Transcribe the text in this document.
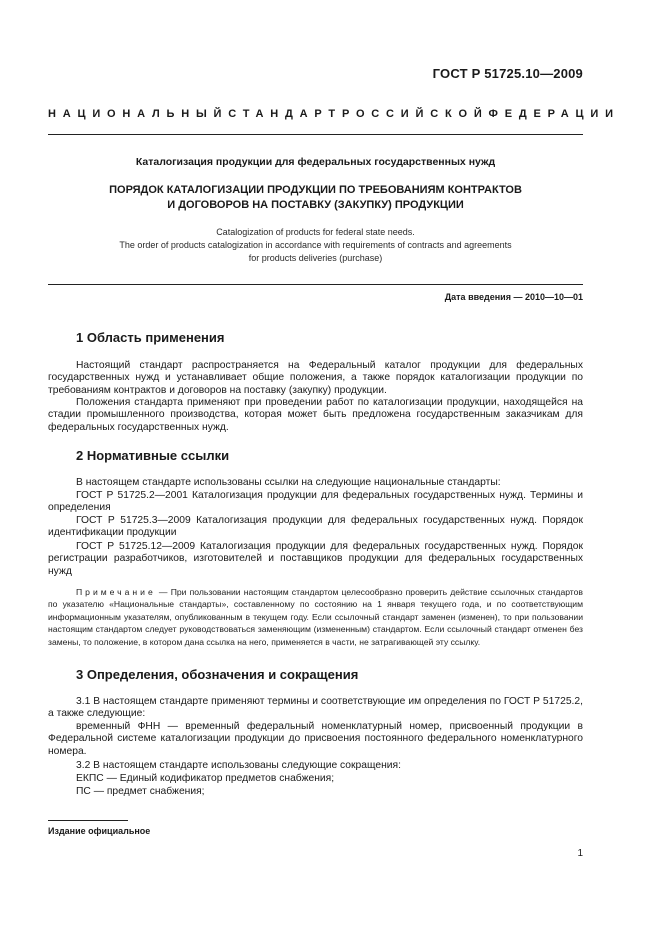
ГОСТ Р 51725.10—2009
НАЦИОНАЛЬНЫЙ СТАНДАРТ РОССИЙСКОЙ ФЕДЕРАЦИИ
Каталогизация продукции для федеральных государственных нужд
ПОРЯДОК КАТАЛОГИЗАЦИИ ПРОДУКЦИИ ПО ТРЕБОВАНИЯМ КОНТРАКТОВ
И ДОГОВОРОВ НА ПОСТАВКУ (ЗАКУПКУ) ПРОДУКЦИИ
Catalogization of products for federal state needs.
The order of products catalogization in accordance with requirements of contracts and agreements
for products deliveries (purchase)
Дата введения — 2010—10—01
1 Область применения

Настоящий стандарт распространяется на Федеральный каталог продукции для федеральных государственных нужд и устанавливает общие положения, а также порядок каталогизации продукции по требованиям контрактов и договоров на поставку (закупку) продукции.

Положения стандарта применяют при проведении работ по каталогизации продукции, находящейся на стадии промышленного производства, которая может быть предложена государственным заказчикам для федеральных государственных нужд.

2 Нормативные ссылки

В настоящем стандарте использованы ссылки на следующие национальные стандарты:

ГОСТ Р 51725.2—2001 Каталогизация продукции для федеральных государственных нужд. Термины и определения

ГОСТ Р 51725.3—2009 Каталогизация продукции для федеральных государственных нужд. Порядок идентификации продукции

ГОСТ Р 51725.12—2009 Каталогизация продукции для федеральных государственных нужд. Порядок регистрации разработчиков, изготовителей и поставщиков продукции для федеральных государственных нужд

Примечание — При пользовании настоящим стандартом целесообразно проверить действие ссылочных стандартов по указателю «Национальные стандарты», составленному по состоянию на 1 января текущего года, и по соответствующим информационным указателям, опубликованным в текущем году. Если ссылочный стандарт заменен (изменен), то при пользовании настоящим стандартом следует руководствоваться заменяющим (измененным) стандартом. Если ссылочный стандарт отменен без замены, то положение, в котором дана ссылка на него, применяется в части, не затрагивающей эту ссылку.

3 Определения, обозначения и сокращения

3.1 В настоящем стандарте применяют термины и соответствующие им определения по ГОСТ Р 51725.2, а также следующие:

временный ФНН — временный федеральный номенклатурный номер, присвоенный продукции в Федеральной системе каталогизации продукции до присвоения постоянного федерального номенклатурного номера.

3.2 В настоящем стандарте использованы следующие сокращения:

ЕКПС — Единый кодификатор предметов снабжения;

ПС — предмет снабжения;

Издание официальное
1
